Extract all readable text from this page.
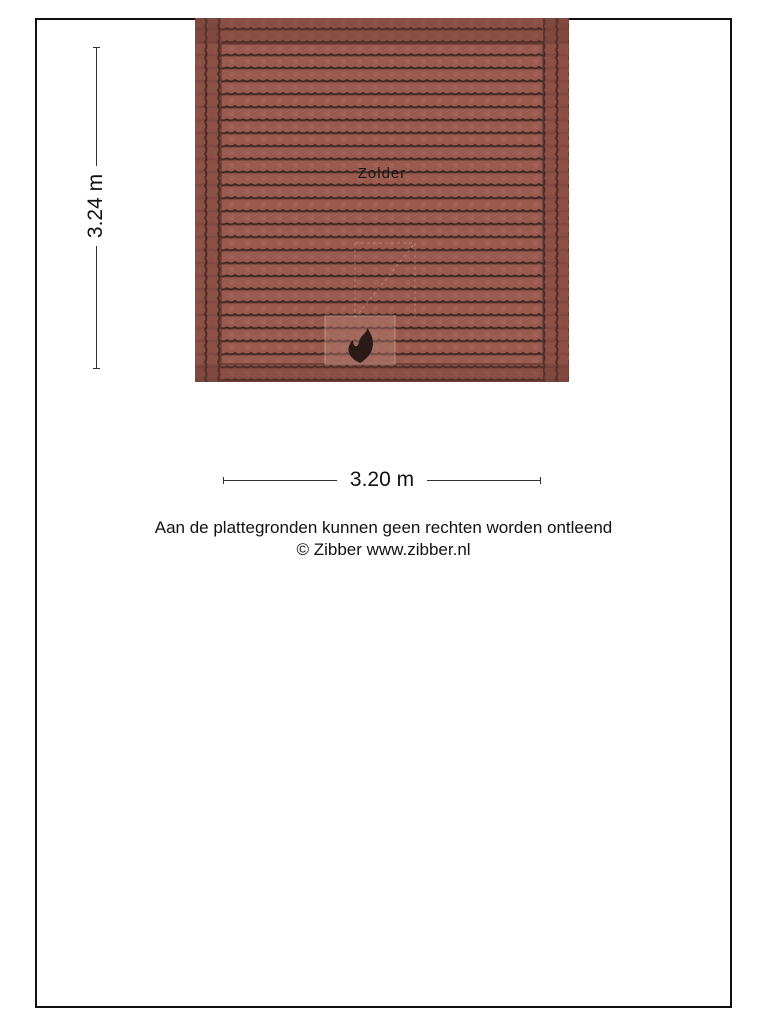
Zolder
3.24 m
3.20 m
Aan de plattegronden kunnen geen rechten worden ontleend
© Zibber www.zibber.nl
